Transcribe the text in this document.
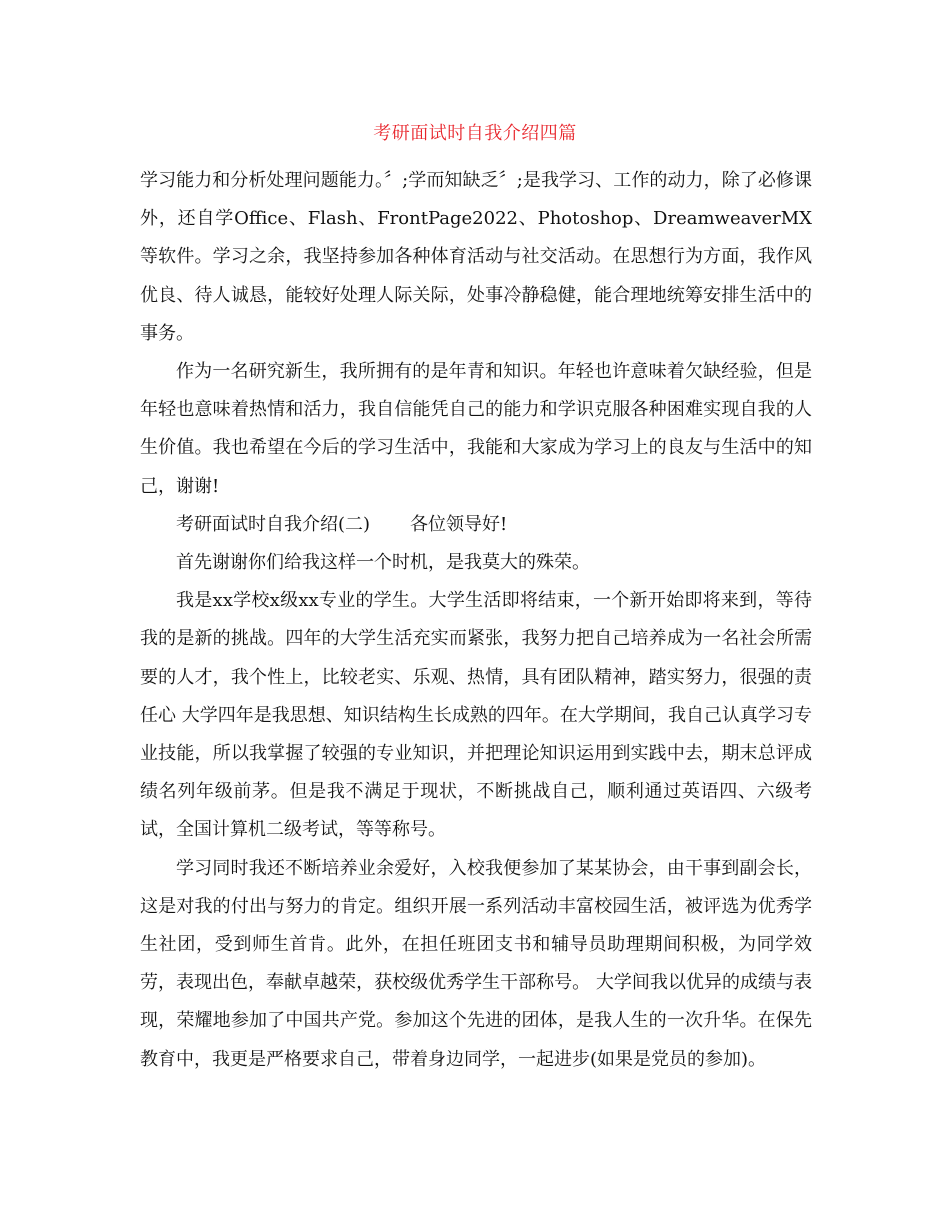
考研面试时自我介绍四篇

学习能力和分析处理问题能力。〞;学而知缺乏〞;是我学习、工作的动力，除了必修课外，还自学Office、Flash、FrontPage2022、Photoshop、DreamweaverMX等软件。学习之余，我坚持参加各种体育活动与社交活动。在思想行为方面，我作风优良、待人诚恳，能较好处理人际关际，处事冷静稳健，能合理地统筹安排生活中的事务。

作为一名研究新生，我所拥有的是年青和知识。年轻也许意味着欠缺经验，但是年轻也意味着热情和活力，我自信能凭自己的能力和学识克服各种困难实现自我的人生价值。我也希望在今后的学习生活中，我能和大家成为学习上的良友与生活中的知己，谢谢!

考研面试时自我介绍(二) 各位领导好!

首先谢谢你们给我这样一个时机，是我莫大的殊荣。

我是xx学校x级xx专业的学生。大学生活即将结束，一个新开始即将来到，等待我的是新的挑战。四年的大学生活充实而紧张，我努力把自己培养成为一名社会所需要的人才，我个性上，比较老实、乐观、热情，具有团队精神，踏实努力，很强的责任心 大学四年是我思想、知识结构生长成熟的四年。在大学期间，我自己认真学习专业技能，所以我掌握了较强的专业知识，并把理论知识运用到实践中去，期末总评成绩名列年级前茅。但是我不满足于现状，不断挑战自己，顺利通过英语四、六级考试，全国计算机二级考试，等等称号。

学习同时我还不断培养业余爱好，入校我便参加了某某协会，由干事到副会长，这是对我的付出与努力的肯定。组织开展一系列活动丰富校园生活，被评选为优秀学生社团，受到师生首肯。此外，在担任班团支书和辅导员助理期间积极，为同学效劳，表现出色，奉献卓越荣，获校级优秀学生干部称号。 大学间我以优异的成绩与表现，荣耀地参加了中国共产党。参加这个先进的团体，是我人生的一次升华。在保先教育中，我更是严格要求自己，带着身边同学，一起进步(如果是党员的参加)。
